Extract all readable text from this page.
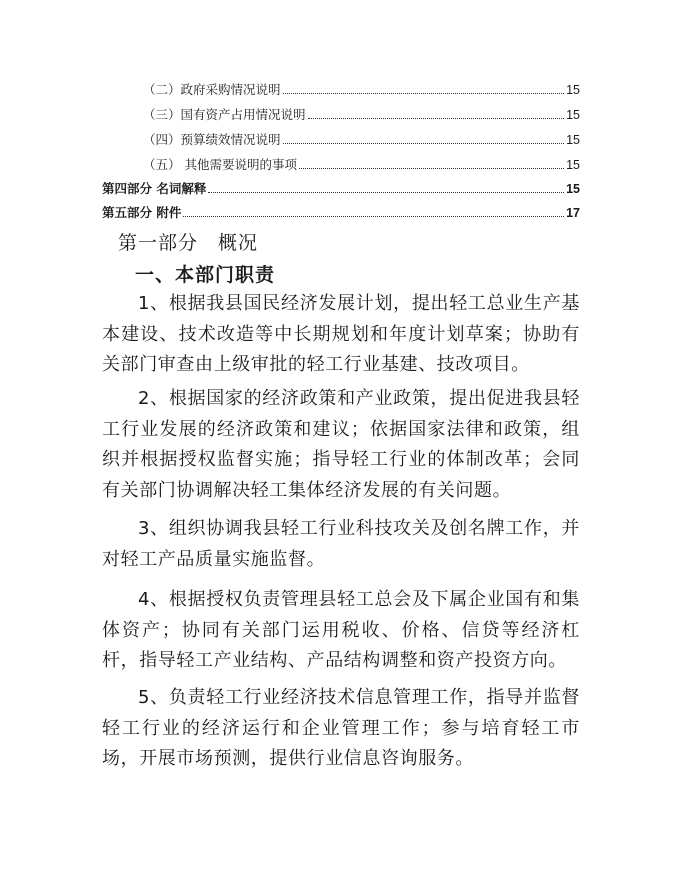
（二）政府采购情况说明	15
（三）国有资产占用情况说明	15
（四）预算绩效情况说明	15
（五） 其他需要说明的事项	15
第四部分 名词解释	15
第五部分 附件	17
第一部分　概况
一、本部门职责

1、根据我县国民经济发展计划，提出轻工总业生产基本建设、技术改造等中长期规划和年度计划草案；协助有关部门审查由上级审批的轻工行业基建、技改项目。

2、根据国家的经济政策和产业政策，提出促进我县轻工行业发展的经济政策和建议；依据国家法律和政策，组织并根据授权监督实施；指导轻工行业的体制改革；会同有关部门协调解决轻工集体经济发展的有关问题。

3、组织协调我县轻工行业科技攻关及创名牌工作，并对轻工产品质量实施监督。

4、根据授权负责管理县轻工总会及下属企业国有和集体资产；协同有关部门运用税收、价格、信贷等经济杠杆，指导轻工产业结构、产品结构调整和资产投资方向。

5、负责轻工行业经济技术信息管理工作，指导并监督轻工行业的经济运行和企业管理工作；参与培育轻工市场，开展市场预测，提供行业信息咨询服务。
